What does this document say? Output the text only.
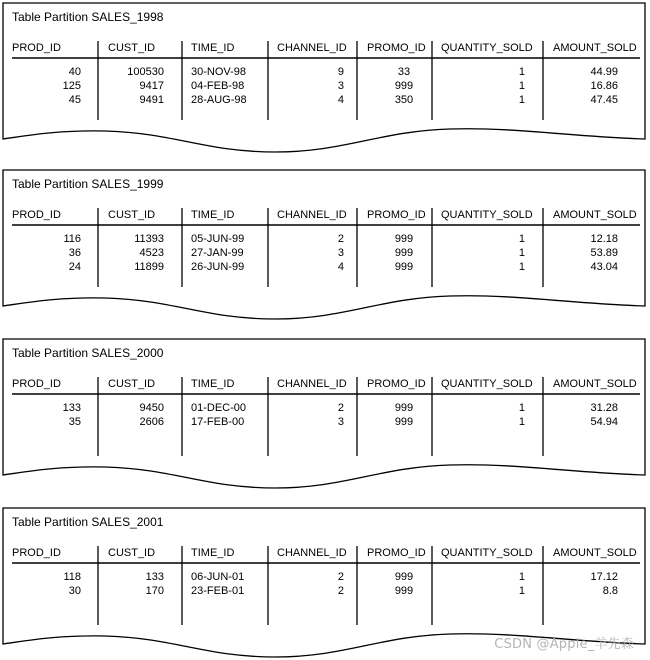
Table Partition SALES_1998
PROD_ID	CUST_ID	TIME_ID	CHANNEL_ID PROMO_ID QUANTITY_SOLD AMOUNT_SOLD
40	100530 30-NOV-98	9	33	1	44.99
125	9417 04-FEB-98	3	999	1	16.86
45	9491 28-AUG-98	4	350	1	47.45
Table Partition SALES_1999
PROD_ID	CUST_ID	TIME_ID	CHANNEL_ID PROMO_ID QUANTITY_SOLD AMOUNT_SOLD
116	11393 05-JUN-99	2	999	1	12.18
36	4523 27-JAN-99	3	999	1	53.89
24	11899 26-JUN-99	4	999	1	43.04
Table Partition SALES_2000
PROD_ID	CUST_ID	TIME_ID	CHANNEL_ID PROMO_ID QUANTITY_SOLD AMOUNT_SOLD
133	9450 01-DEC-00	2	999	1	31.28
35	2606 17-FEB-00	3	999	1	54.94
Table Partition SALES_2001
PROD_ID	CUST_ID	TIME_ID	CHANNEL_ID PROMO_ID QUANTITY_SOLD AMOUNT_SOLD
118	133 06-JUN-01	2	999	1	17.12
30	170 23-FEB-01	2	999	1	8.8
CSDN @Apple_羊先森
